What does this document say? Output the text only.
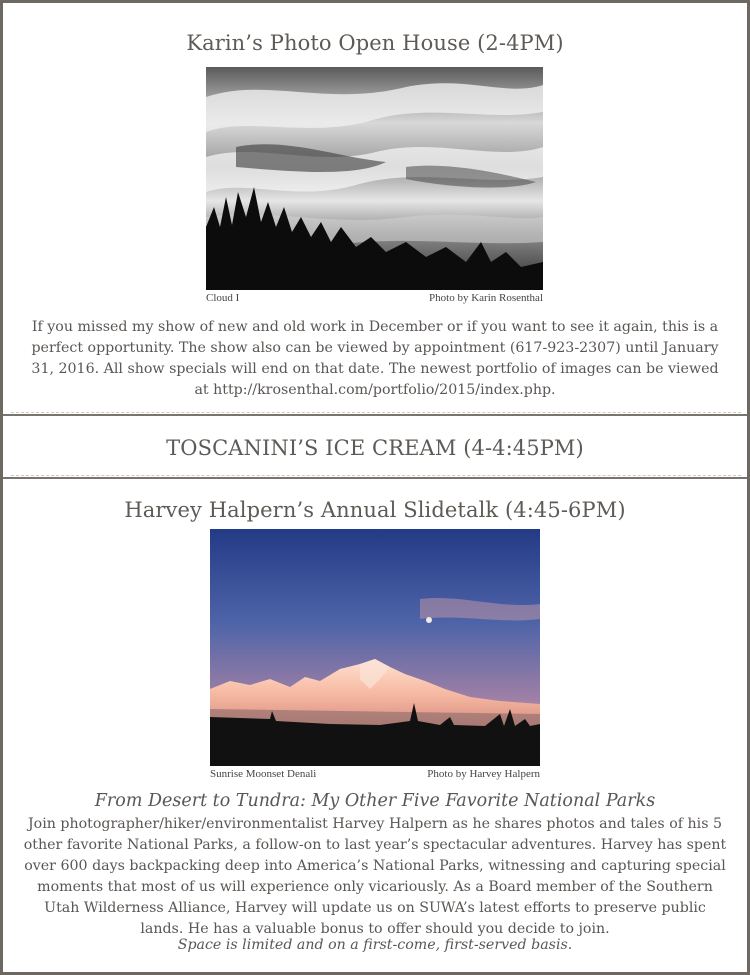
Karin’s Photo Open House (2-4PM)
Cloud I	Photo by Karin Rosenthal
If you missed my show of new and old work in December or if you want to see it again, this is a perfect opportunity. The show also can be viewed by appointment (617-923-2307) until January 31, 2016. All show specials will end on that date. The newest portfolio of images can be viewed at http://krosenthal.com/portfolio/2015/index.php.
TOSCANINI’S ICE CREAM (4-4:45PM)
Harvey Halpern’s Annual Slidetalk (4:45-6PM)
Sunrise Moonset Denali	Photo by Harvey Halpern
From Desert to Tundra: My Other Five Favorite National Parks
Join photographer/hiker/environmentalist Harvey Halpern as he shares photos and tales of his 5 other favorite National Parks, a follow-on to last year’s spectacular adventures. Harvey has spent over 600 days backpacking deep into America’s National Parks, witnessing and capturing special moments that most of us will experience only vicariously. As a Board member of the Southern Utah Wilderness Alliance, Harvey will update us on SUWA’s latest efforts to preserve public lands. He has a valuable bonus to offer should you decide to join.
Space is limited and on a first-come, first-served basis.
